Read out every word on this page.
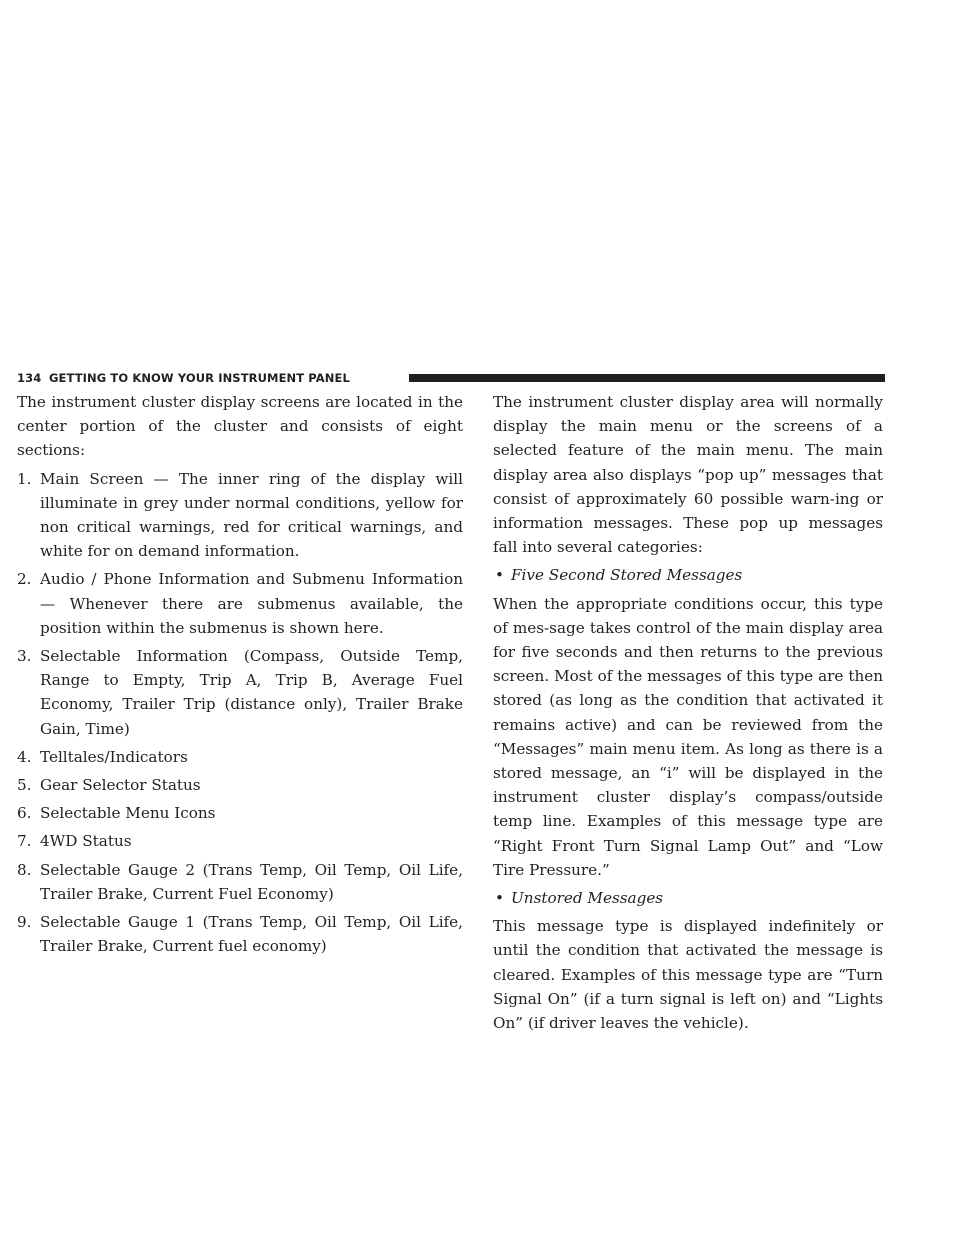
134 GETTING TO KNOW YOUR INSTRUMENT PANEL

The instrument cluster display screens are located in the center portion of the cluster and consists of eight sections:

1. Main Screen — The inner ring of the display will illuminate in grey under normal conditions, yellow for non critical warnings, red for critical warnings, and white for on demand information.
2. Audio / Phone Information and Submenu Information — Whenever there are submenus available, the position within the submenus is shown here.
3. Selectable Information (Compass, Outside Temp, Range to Empty, Trip A, Trip B, Average Fuel Economy, Trailer Trip (distance only), Trailer Brake Gain, Time)
4. Telltales/Indicators
5. Gear Selector Status
6. Selectable Menu Icons
7. 4WD Status
8. Selectable Gauge 2 (Trans Temp, Oil Temp, Oil Life, Trailer Brake, Current Fuel Economy)
9. Selectable Gauge 1 (Trans Temp, Oil Temp, Oil Life, Trailer Brake, Current fuel economy)

The instrument cluster display area will normally display the main menu or the screens of a selected feature of the main menu. The main display area also displays “pop up” messages that consist of approximately 60 possible warn-ing or information messages. These pop up messages fall into several categories:

• Five Second Stored Messages

When the appropriate conditions occur, this type of mes-sage takes control of the main display area for five seconds and then returns to the previous screen. Most of the messages of this type are then stored (as long as the condition that activated it remains active) and can be reviewed from the “Messages” main menu item. As long as there is a stored message, an “i” will be displayed in the instrument cluster display’s compass/outside temp line. Examples of this message type are “Right Front Turn Signal Lamp Out” and “Low Tire Pressure.”

• Unstored Messages

This message type is displayed indefinitely or until the condition that activated the message is cleared. Examples of this message type are “Turn Signal On” (if a turn signal is left on) and “Lights On” (if driver leaves the vehicle).
